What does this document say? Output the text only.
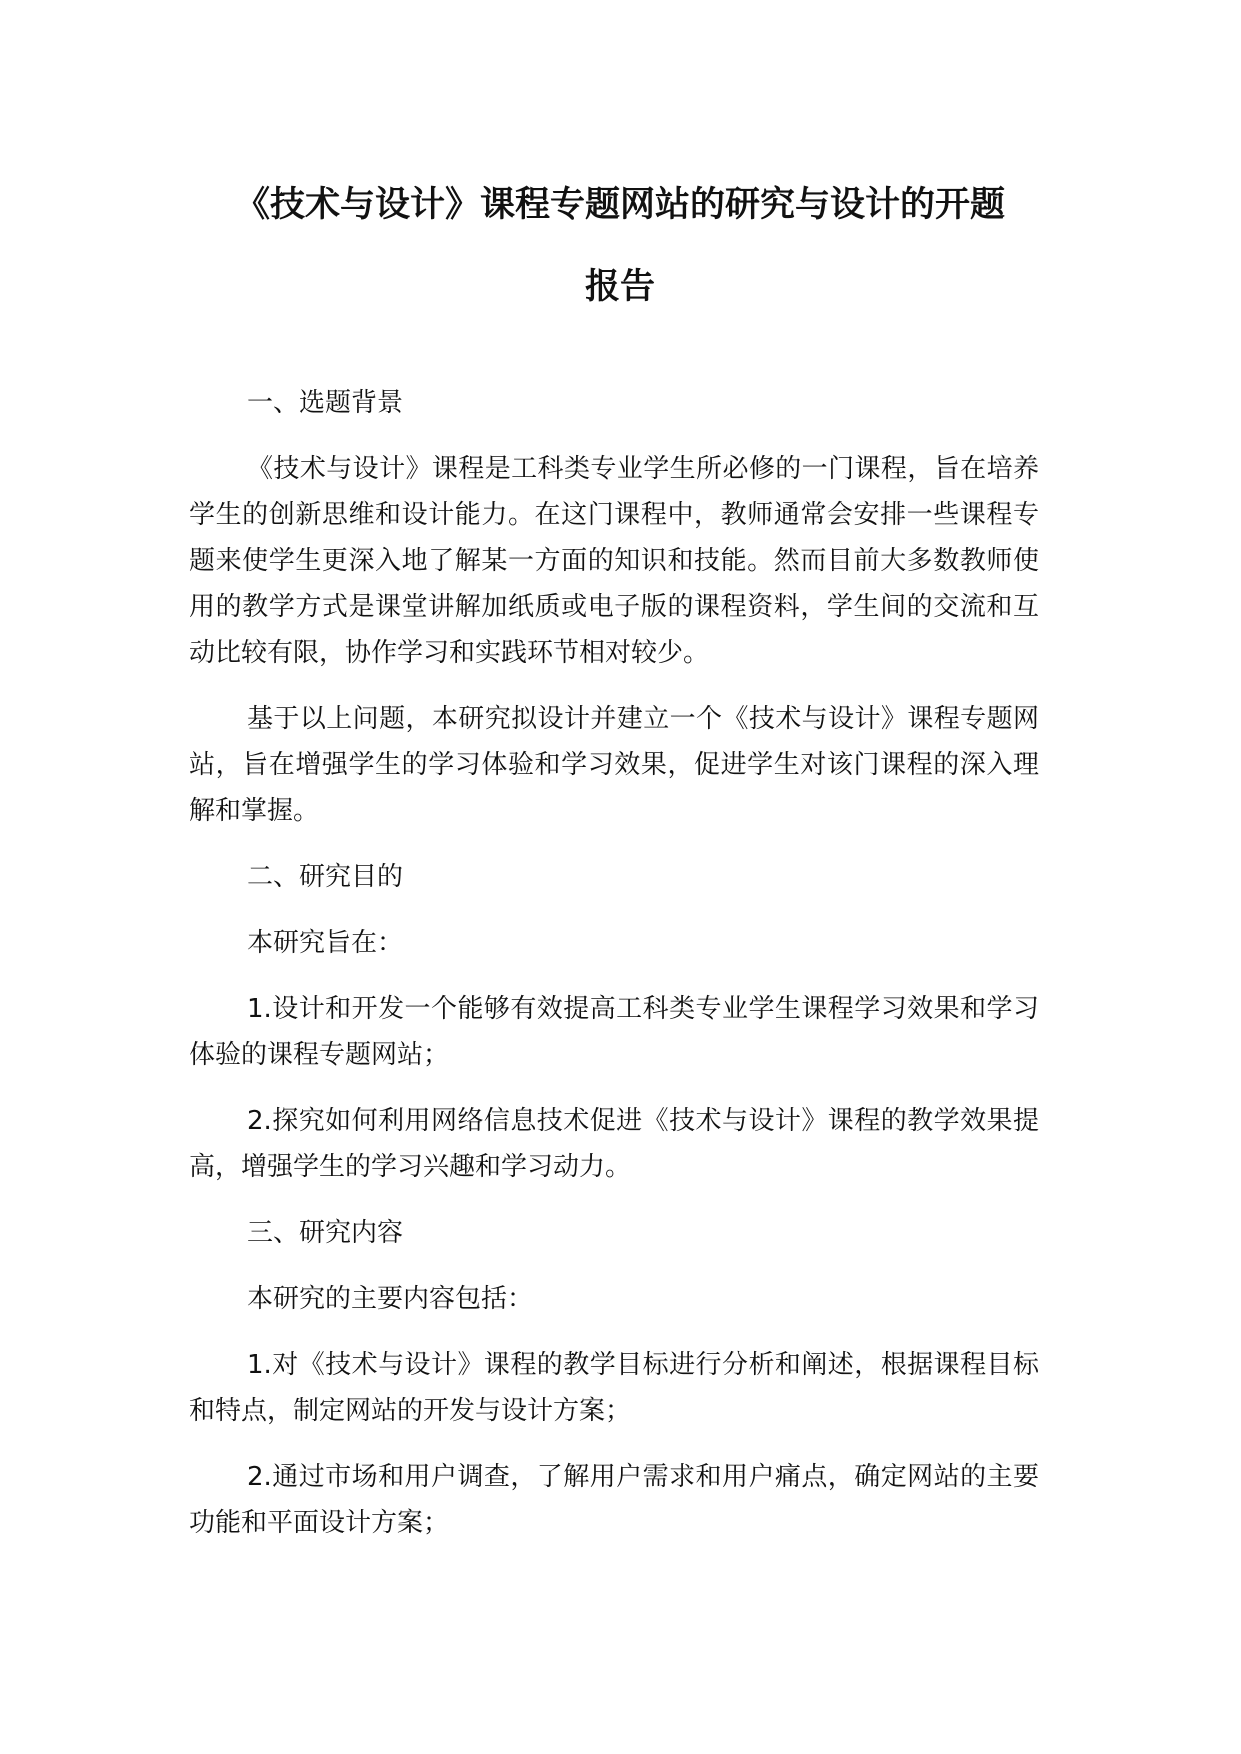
《技术与设计》课程专题网站的研究与设计的开题
报告

一、选题背景

《技术与设计》课程是工科类专业学生所必修的一门课程，旨在培养学生的创新思维和设计能力。在这门课程中，教师通常会安排一些课程专题来使学生更深入地了解某一方面的知识和技能。然而目前大多数教师使用的教学方式是课堂讲解加纸质或电子版的课程资料，学生间的交流和互动比较有限，协作学习和实践环节相对较少。

基于以上问题，本研究拟设计并建立一个《技术与设计》课程专题网站，旨在增强学生的学习体验和学习效果，促进学生对该门课程的深入理解和掌握。

二、研究目的

本研究旨在：

1.设计和开发一个能够有效提高工科类专业学生课程学习效果和学习体验的课程专题网站；

2.探究如何利用网络信息技术促进《技术与设计》课程的教学效果提高，增强学生的学习兴趣和学习动力。

三、研究内容

本研究的主要内容包括：

1.对《技术与设计》课程的教学目标进行分析和阐述，根据课程目标和特点，制定网站的开发与设计方案；

2.通过市场和用户调查，了解用户需求和用户痛点，确定网站的主要功能和平面设计方案；
